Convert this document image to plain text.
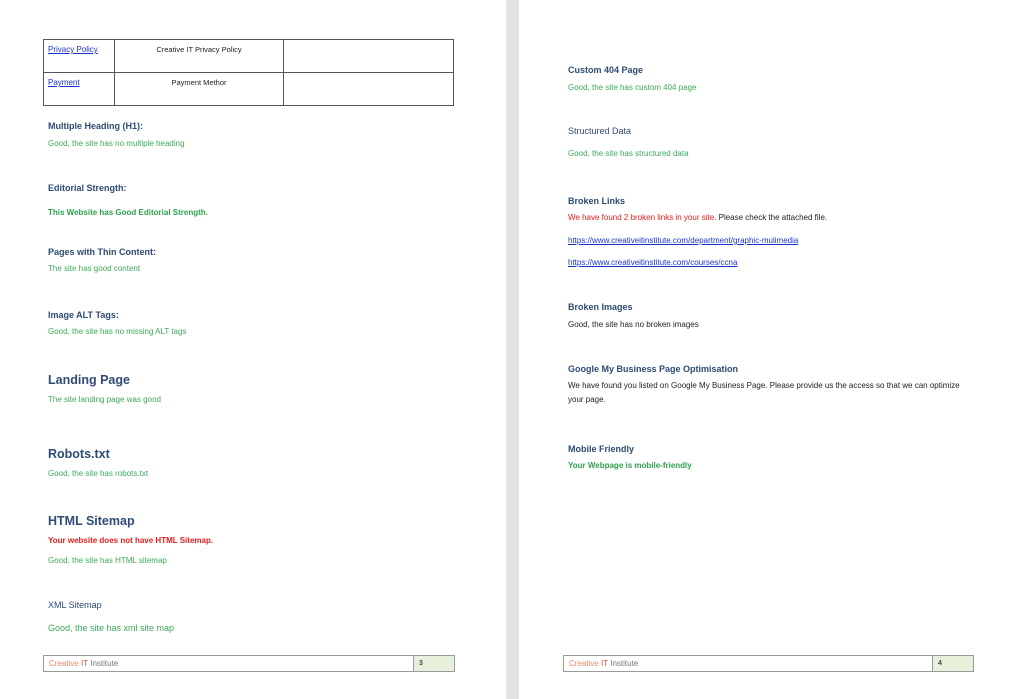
Privacy Policy	Creative IT Privacy Policy	
Payment	Payment Methor	
Multiple Heading (H1):
Good, the site has no multiple heading
Editorial Strength:
This Website has Good Editorial Strength.
Pages with Thin Content:
The site has good content
Image ALT Tags:
Good, the site has no missing ALT tags
Landing Page
The site landing page was good
Robots.txt
Good, the site has robots.txt
HTML Sitemap
Your website does not have HTML Sitemap.
Good, the site has HTML sitemap
XML Sitemap
Good, the site has xml site map
Creative IT Institute	3
Custom 404 Page
Good, the site has custom 404 page
Structured Data
Good, the site has structured data
Broken Links
We have found 2 broken links in your site. Please check the attached file.
https://www.creativeitinstitute.com/department/graphic-mulimedia
https://www.creativeitinstitute.com/courses/ccna
Broken Images
Good, the site has no broken images
Google My Business Page Optimisation
We have found you listed on Google My Business Page. Please provide us the access so that we can optimize
your page.
Mobile Friendly
Your Webpage is mobile-friendly
Creative IT Institute	4
